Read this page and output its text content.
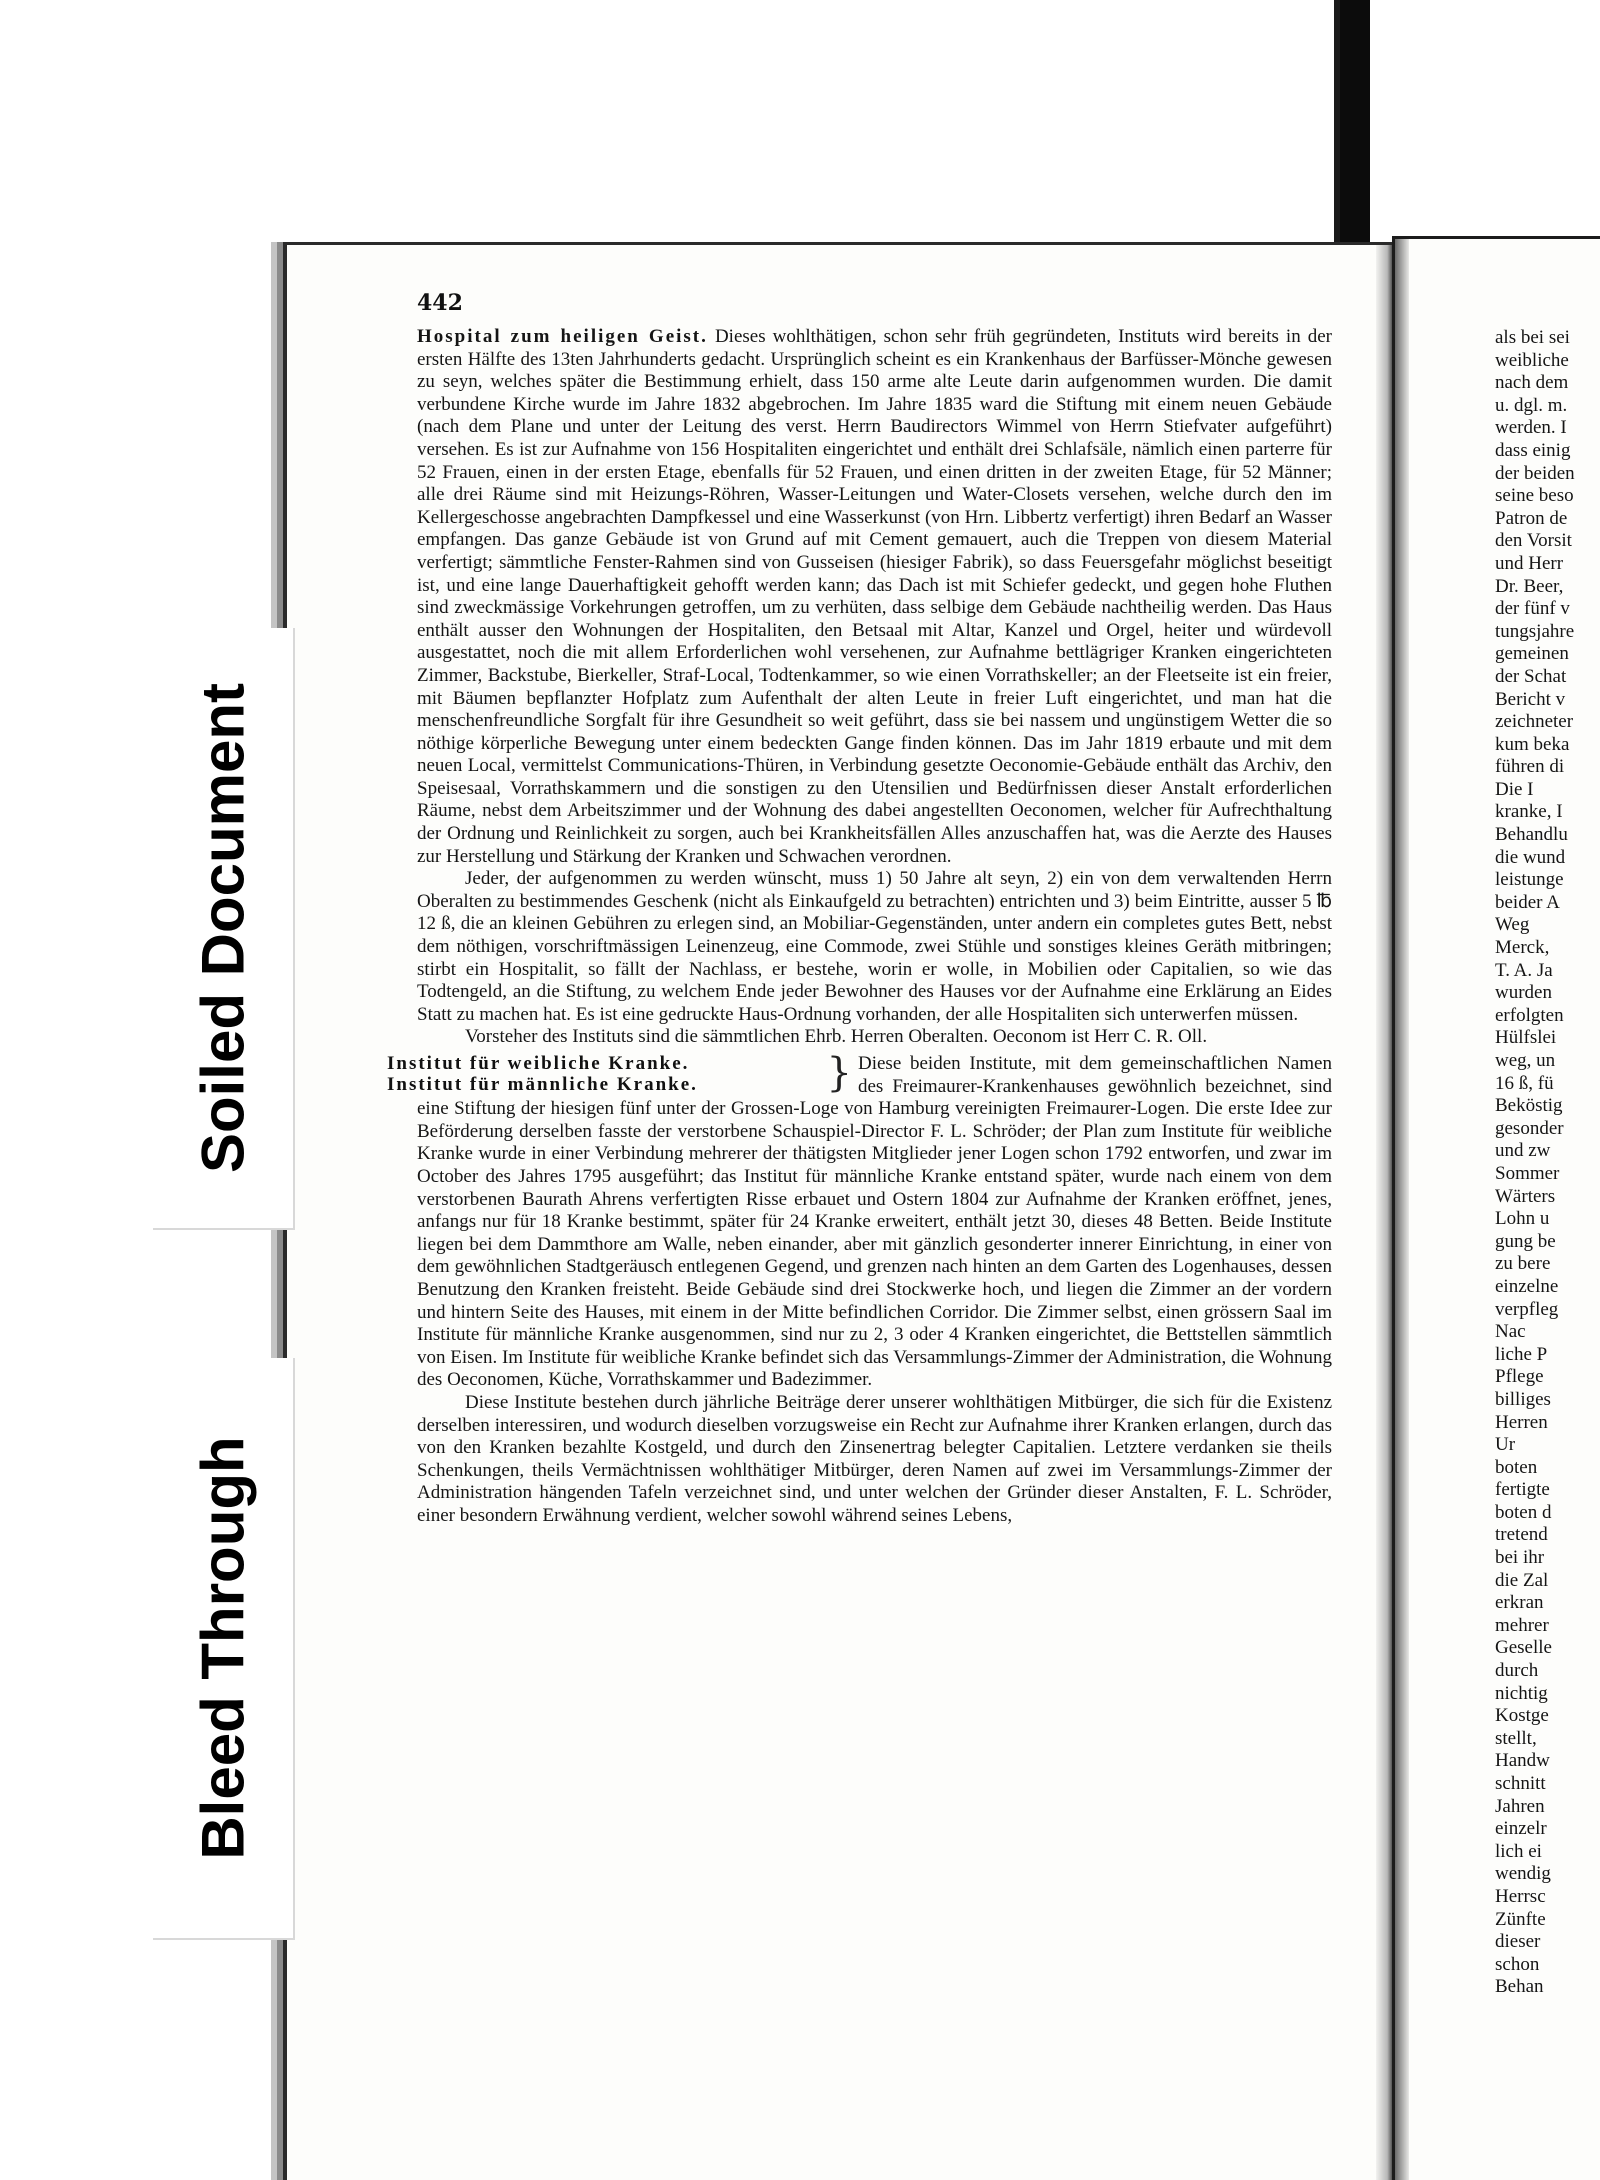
442

Hospital zum heiligen Geist. Dieses wohlthätigen, schon sehr früh gegründeten, Instituts wird bereits in der ersten Hälfte des 13ten Jahrhunderts gedacht. Ursprünglich scheint es ein Krankenhaus der Barfüsser-Mönche gewesen zu seyn, welches später die Bestimmung erhielt, dass 150 arme alte Leute darin aufgenommen wurden. Die damit verbundene Kirche wurde im Jahre 1832 abgebrochen. Im Jahre 1835 ward die Stiftung mit einem neuen Gebäude (nach dem Plane und unter der Leitung des verst. Herrn Baudirectors Wimmel von Herrn Stiefvater aufgeführt) versehen. Es ist zur Aufnahme von 156 Hospitaliten eingerichtet und enthält drei Schlafsäle, nämlich einen parterre für 52 Frauen, einen in der ersten Etage, ebenfalls für 52 Frauen, und einen dritten in der zweiten Etage, für 52 Männer; alle drei Räume sind mit Heizungs-Röhren, Wasser-Leitungen und Water-Closets versehen, welche durch den im Kellergeschosse angebrachten Dampfkessel und eine Wasserkunst (von Hrn. Libbertz verfertigt) ihren Bedarf an Wasser empfangen. Das ganze Gebäude ist von Grund auf mit Cement gemauert, auch die Treppen von diesem Material verfertigt; sämmtliche Fenster-Rahmen sind von Gusseisen (hiesiger Fabrik), so dass Feuersgefahr möglichst beseitigt ist, und eine lange Dauerhaftigkeit gehofft werden kann; das Dach ist mit Schiefer gedeckt, und gegen hohe Fluthen sind zweckmässige Vorkehrungen getroffen, um zu verhüten, dass selbige dem Gebäude nachtheilig werden. Das Haus enthält ausser den Wohnungen der Hospitaliten, den Betsaal mit Altar, Kanzel und Orgel, heiter und würdevoll ausgestattet, noch die mit allem Erforderlichen wohl versehenen, zur Aufnahme bettlägriger Kranken eingerichteten Zimmer, Backstube, Bierkeller, Straf-Local, Todtenkammer, so wie einen Vorrathskeller; an der Fleetseite ist ein freier, mit Bäumen bepflanzter Hofplatz zum Aufenthalt der alten Leute in freier Luft eingerichtet, und man hat die menschenfreundliche Sorgfalt für ihre Gesundheit so weit geführt, dass sie bei nassem und ungünstigem Wetter die so nöthige körperliche Bewegung unter einem bedeckten Gange finden können. Das im Jahr 1819 erbaute und mit dem neuen Local, vermittelst Communications-Thüren, in Verbindung gesetzte Oeconomie-Gebäude enthält das Archiv, den Speisesaal, Vorrathskammern und die sonstigen zu den Utensilien und Bedürfnissen dieser Anstalt erforderlichen Räume, nebst dem Arbeitszimmer und der Wohnung des dabei angestellten Oeconomen, welcher für Aufrechthaltung der Ordnung und Reinlichkeit zu sorgen, auch bei Krankheitsfällen Alles anzuschaffen hat, was die Aerzte des Hauses zur Herstellung und Stärkung der Kranken und Schwachen verordnen.

Jeder, der aufgenommen zu werden wünscht, muss 1) 50 Jahre alt seyn, 2) ein von dem verwaltenden Herrn Oberalten zu bestimmendes Geschenk (nicht als Einkaufgeld zu betrachten) entrichten und 3) beim Eintritte, ausser 5 ℔ 12 ß, die an kleinen Gebühren zu erlegen sind, an Mobiliar-Gegenständen, unter andern ein completes gutes Bett, nebst dem nöthigen, vorschriftmässigen Leinenzeug, eine Commode, zwei Stühle und sonstiges kleines Geräth mitbringen; stirbt ein Hospitalit, so fällt der Nachlass, er bestehe, worin er wolle, in Mobilien oder Capitalien, so wie das Todtengeld, an die Stiftung, zu welchem Ende jeder Bewohner des Hauses vor der Aufnahme eine Erklärung an Eides Statt zu machen hat. Es ist eine gedruckte Haus-Ordnung vorhanden, der alle Hospitaliten sich unterwerfen müssen.

Vorsteher des Instituts sind die sämmtlichen Ehrb. Herren Oberalten. Oeconom ist Herr C. R. Oll.

Institut für weibliche Kranke.
Institut für männliche Kranke.	} Diese beiden Institute, mit dem gemeinschaftlichen Namen des Freimaurer-Krankenhauses gewöhnlich bezeichnet, sind eine Stiftung der hiesigen fünf unter der Grossen-Loge von Hamburg vereinigten Freimaurer-Logen. Die erste Idee zur Beförderung derselben fasste der verstorbene Schauspiel-Director F. L. Schröder; der Plan zum Institute für weibliche Kranke wurde in einer Verbindung mehrerer der thätigsten Mitglieder jener Logen schon 1792 entworfen, und zwar im October des Jahres 1795 ausgeführt; das Institut für männliche Kranke entstand später, wurde nach einem von dem verstorbenen Baurath Ahrens verfertigten Risse erbauet und Ostern 1804 zur Aufnahme der Kranken eröffnet, jenes, anfangs nur für 18 Kranke bestimmt, später für 24 Kranke erweitert, enthält jetzt 30, dieses 48 Betten. Beide Institute liegen bei dem Dammthore am Walle, neben einander, aber mit gänzlich gesonderter innerer Einrichtung, in einer von dem gewöhnlichen Stadtgeräusch entlegenen Gegend, und grenzen nach hinten an dem Garten des Logenhauses, dessen Benutzung den Kranken freisteht. Beide Gebäude sind drei Stockwerke hoch, und liegen die Zimmer an der vordern und hintern Seite des Hauses, mit einem in der Mitte befindlichen Corridor. Die Zimmer selbst, einen grössern Saal im Institute für männliche Kranke ausgenommen, sind nur zu 2, 3 oder 4 Kranken eingerichtet, die Bettstellen sämmtlich von Eisen. Im Institute für weibliche Kranke befindet sich das Versammlungs-Zimmer der Administration, die Wohnung des Oeconomen, Küche, Vorrathskammer und Badezimmer.

Diese Institute bestehen durch jährliche Beiträge derer unserer wohlthätigen Mitbürger, die sich für die Existenz derselben interessiren, und wodurch dieselben vorzugsweise ein Recht zur Aufnahme ihrer Kranken erlangen, durch das von den Kranken bezahlte Kostgeld, und durch den Zinsenertrag belegter Capitalien. Letztere verdanken sie theils Schenkungen, theils Vermächtnissen wohlthätiger Mitbürger, deren Namen auf zwei im Versammlungs-Zimmer der Administration hängenden Tafeln verzeichnet sind, und unter welchen der Gründer dieser Anstalten, F. L. Schröder, einer besondern Erwähnung verdient, welcher sowohl während seines Lebens,

als bei sei
weibliche
nach dem
u. dgl. m.
werden. I
dass einig
der beiden
seine beso
Patron de
den Vorsit
und Herr
Dr. Beer,
der fünf v
tungsjahre
gemeinen
der Schat
Bericht v
zeichneter
kum beka
führen di
Die I
kranke, I
Behandlu
die wund
leistunge
beider A
Weg
Merck,
T. A. Ja
wurden
erfolgten
Hülfslei
weg, un
16 ß, fü
Beköstig
gesonder
und zw
Sommer
Wärters
Lohn u
gung be
zu bere
einzelne
verpfleg
Nac
liche P
Pflege
billiges
Herren
Ur
boten
fertigte
boten d
tretend
bei ihr
die Zal
erkran
mehrer
Geselle
durch
nichtig
Kostge
stellt,
Handw
schnitt
Jahren
einzelr
lich ei
wendig
Herrsc
Zünfte
dieser
schon
Behan
Soiled Document
Bleed Through
